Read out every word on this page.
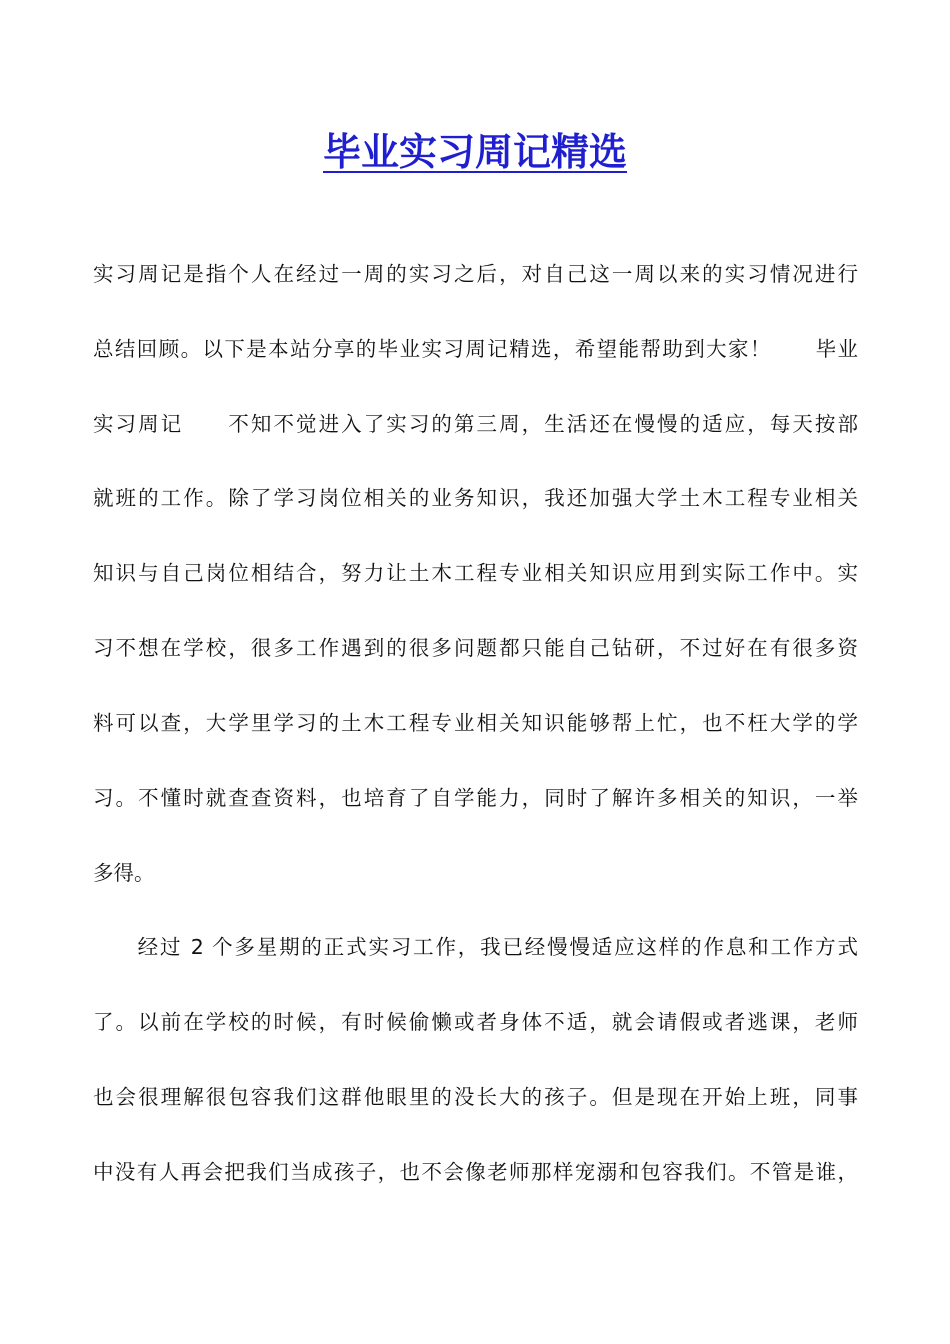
毕业实习周记精选
实习周记是指个人在经过一周的实习之后，对自己这一周以来的实习情况进行
总结回顾。以下是本站分享的毕业实习周记精选，希望能帮助到大家！　　毕业
实习周记　　不知不觉进入了实习的第三周，生活还在慢慢的适应，每天按部
就班的工作。除了学习岗位相关的业务知识，我还加强大学土木工程专业相关
知识与自己岗位相结合，努力让土木工程专业相关知识应用到实际工作中。实
习不想在学校，很多工作遇到的很多问题都只能自己钻研，不过好在有很多资
料可以查，大学里学习的土木工程专业相关知识能够帮上忙，也不枉大学的学
习。不懂时就查查资料，也培育了自学能力，同时了解许多相关的知识，一举
多得。
　　经过 2 个多星期的正式实习工作，我已经慢慢适应这样的作息和工作方式
了。以前在学校的时候，有时候偷懒或者身体不适，就会请假或者逃课，老师
也会很理解很包容我们这群他眼里的没长大的孩子。但是现在开始上班，同事
中没有人再会把我们当成孩子，也不会像老师那样宠溺和包容我们。不管是谁，
